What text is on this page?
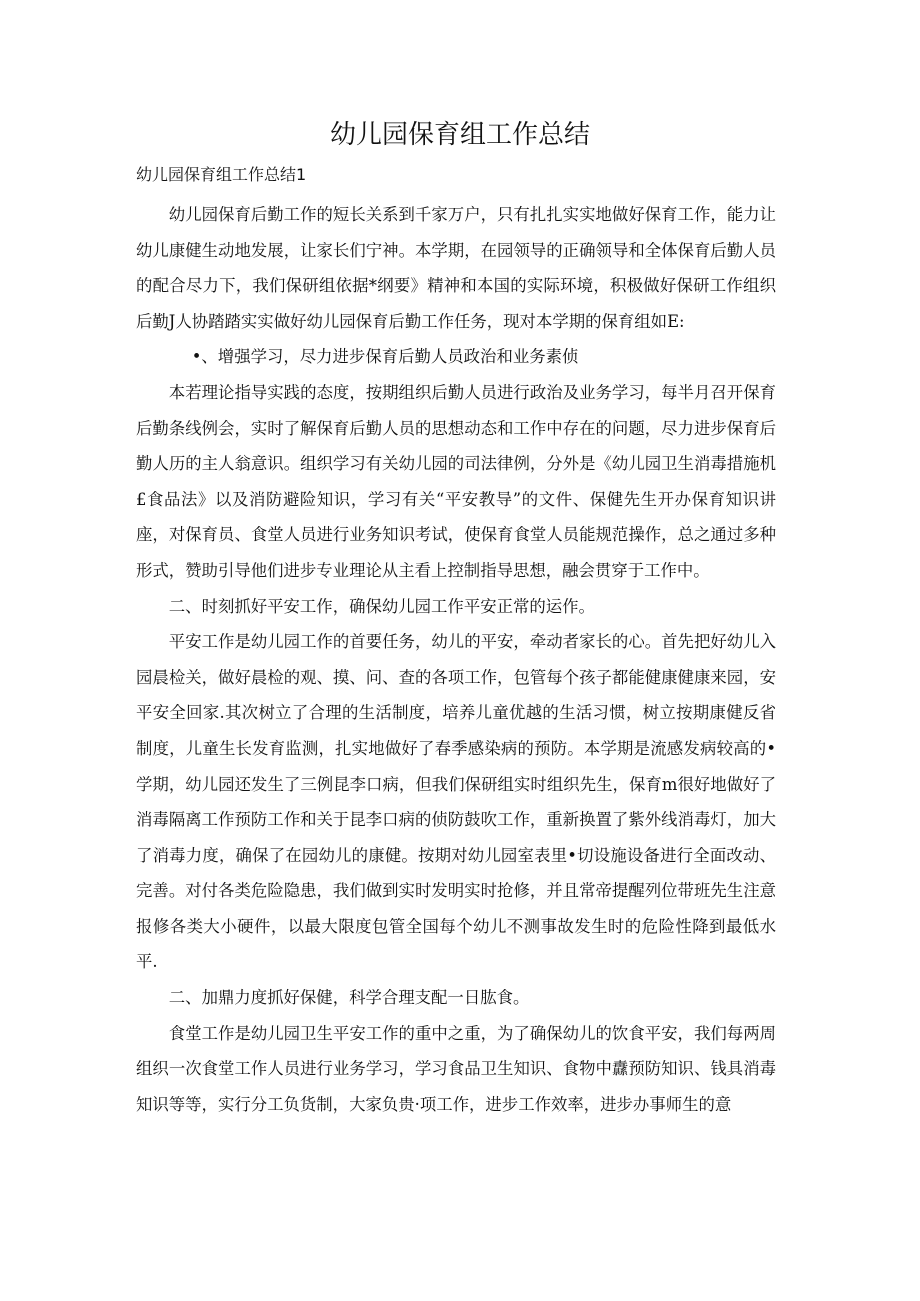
幼儿园保育组工作总结

幼儿园保育组工作总结1

幼儿园保育后勤工作的短长关系到千家万户，只有扎扎实实地做好保育工作，能力让幼儿康健生动地发展，让家长们宁神。本学期，在园领导的正确领导和全体保育后勤人员的配合尽力下，我们保研组依据*纲要》精神和本国的实际环境，积极做好保研工作组织后勤J人协踏踏实实做好幼儿园保育后勤工作任务，现对本学期的保育组如E:

•、增强学习，尽力进步保育后勤人员政治和业务素侦

本若理论指导实践的态度，按期组织后勤人员进行政治及业务学习，每半月召开保育后勤条线例会，实时了解保育后勤人员的思想动态和工作中存在的问题，尽力进步保育后勤人历的主人翁意识。组织学习有关幼儿园的司法律例，分外是《幼儿园卫生消毒措施机£食品法》以及消防避险知识，学习有关“平安教导”的文件、保健先生开办保育知识讲座，对保育员、食堂人员进行业务知识考试，使保育食堂人员能规范操作，总之通过多种形式，赞助引导他们进步专业理论从主看上控制指导思想，融会贯穿于工作中。

二、时刻抓好平安工作，确保幼儿园工作平安正常的运作。

平安工作是幼儿园工作的首要任务，幼儿的平安，牵动者家长的心。首先把好幼儿入园晨检关，做好晨检的观、摸、问、查的各项工作，包管每个孩子都能健康健康来园，安平安全回家.其次树立了合理的生活制度，培养儿童优越的生活习惯，树立按期康健反省制度，儿童生长发育监测，扎实地做好了春季感染病的预防。本学期是流感发病较高的•学期，幼儿园还发生了三例昆李口病，但我们保研组实时组织先生，保育m很好地做好了消毒隔离工作预防工作和关于昆李口病的侦防鼓吹工作，重新换置了紫外线消毒灯，加大了消毒力度，确保了在园幼儿的康健。按期对幼儿园室表里•切设施设备进行全面改动、完善。对付各类危险隐患，我们做到实时发明实时抢修，并且常帝提醒列位带班先生注意报修各类大小硬件，以最大限度包管全国每个幼儿不测事故发生时的危险性降到最低水平.

二、加鼎力度抓好保健，科学合理支配一日肱食。

食堂工作是幼儿园卫生平安工作的重中之重，为了确保幼儿的饮食平安，我们每两周组织一次食堂工作人员进行业务学习，学习食品卫生知识、食物中纛预防知识、钱具消毒知识等等，实行分工负货制，大家负贵·项工作，进步工作效率，进步办事师生的意
